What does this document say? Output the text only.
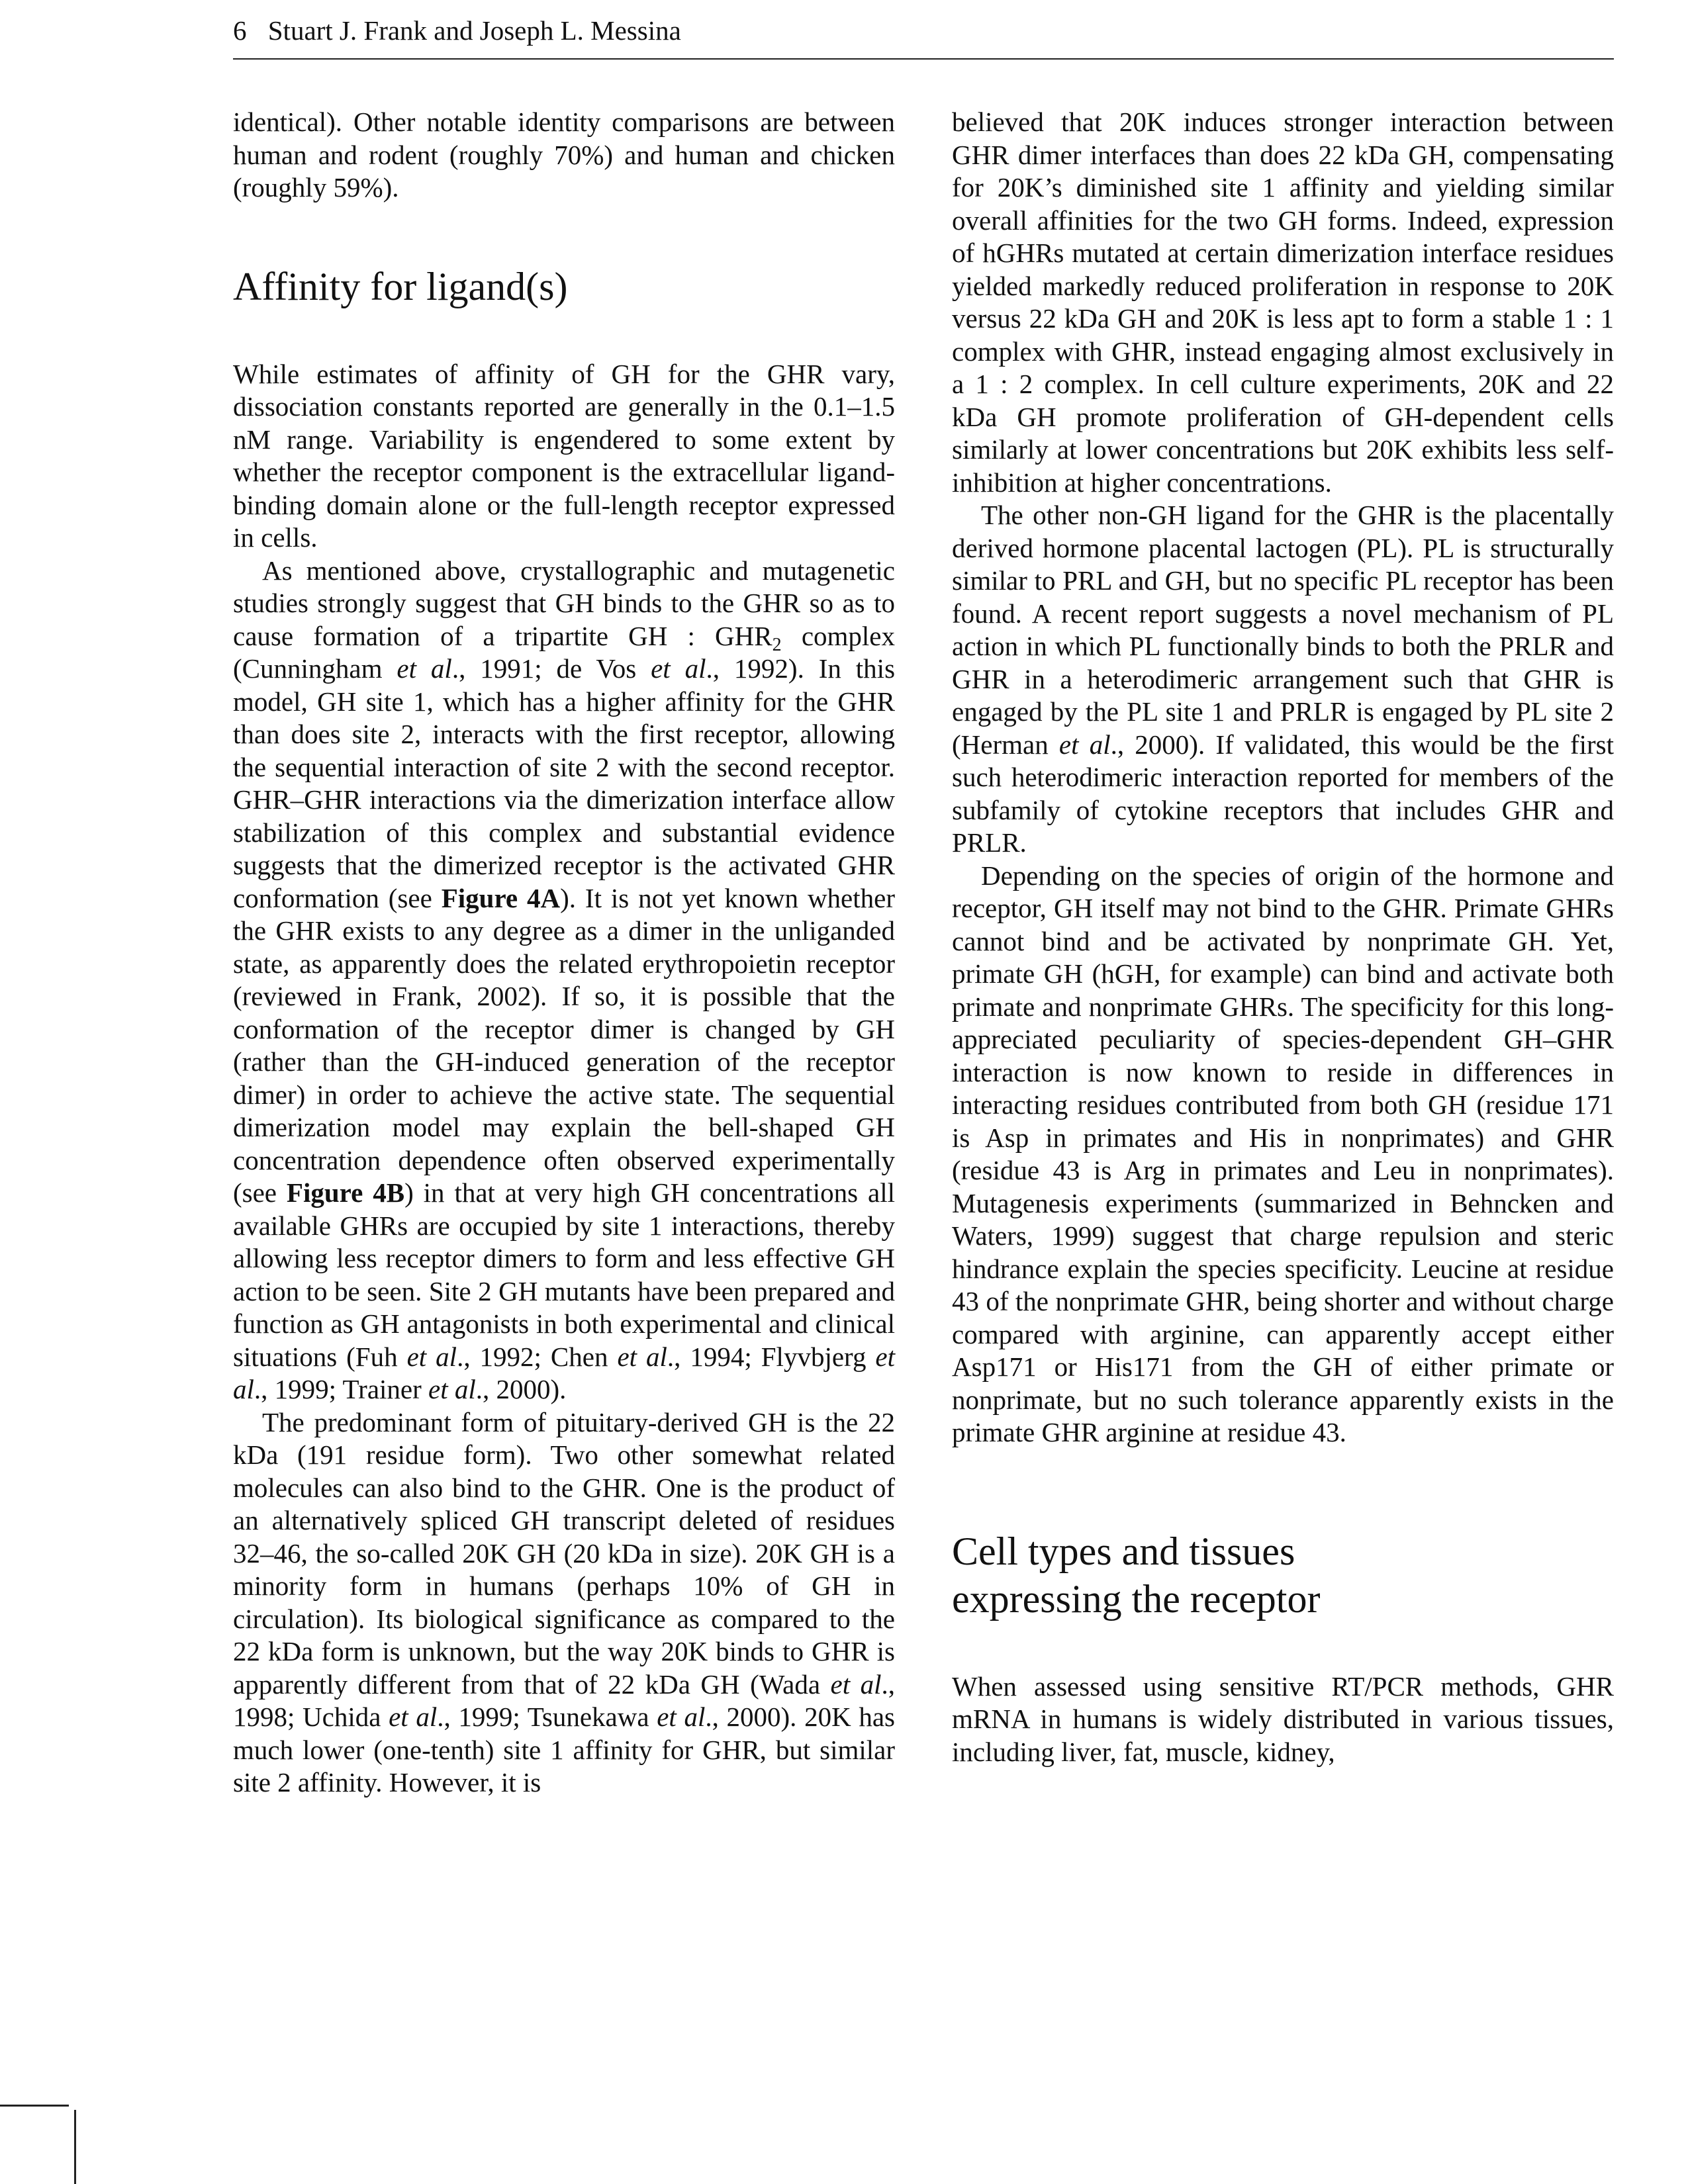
6 Stuart J. Frank and Joseph L. Messina

identical). Other notable identity comparisons are between human and rodent (roughly 70%) and human and chicken (roughly 59%).

Affinity for ligand(s)

While estimates of affinity of GH for the GHR vary, dissociation constants reported are generally in the 0.1–1.5 nM range. Variability is engendered to some extent by whether the receptor component is the extracellular ligand-binding domain alone or the full-length receptor expressed in cells.

As mentioned above, crystallographic and mutagenetic studies strongly suggest that GH binds to the GHR so as to cause formation of a tripartite GH : $GHR_2$ complex (Cunningham et al., 1991; de Vos et al., 1992). In this model, GH site 1, which has a higher affinity for the GHR than does site 2, interacts with the first receptor, allowing the sequential interaction of site 2 with the second receptor. GHR–GHR interactions via the dimerization interface allow stabilization of this complex and substantial evidence suggests that the dimerized receptor is the activated GHR conformation (see Figure 4A). It is not yet known whether the GHR exists to any degree as a dimer in the unliganded state, as apparently does the related erythropoietin receptor (reviewed in Frank, 2002). If so, it is possible that the conformation of the receptor dimer is changed by GH (rather than the GH-induced generation of the receptor dimer) in order to achieve the active state. The sequential dimerization model may explain the bell-shaped GH concentration dependence often observed experimentally (see Figure 4B) in that at very high GH concentrations all available GHRs are occupied by site 1 interactions, thereby allowing less receptor dimers to form and less effective GH action to be seen. Site 2 GH mutants have been prepared and function as GH antagonists in both experimental and clinical situations (Fuh et al., 1992; Chen et al., 1994; Flyvbjerg et al., 1999; Trainer et al., 2000).

The predominant form of pituitary-derived GH is the 22 kDa (191 residue form). Two other somewhat related molecules can also bind to the GHR. One is the product of an alternatively spliced GH transcript deleted of residues 32–46, the so-called 20K GH (20 kDa in size). 20K GH is a minority form in humans (perhaps 10% of GH in circulation). Its biological significance as compared to the 22 kDa form is unknown, but the way 20K binds to GHR is apparently different from that of 22 kDa GH (Wada et al., 1998; Uchida et al., 1999; Tsunekawa et al., 2000). 20K has much lower (one-tenth) site 1 affinity for GHR, but similar site 2 affinity. However, it is

believed that 20K induces stronger interaction between GHR dimer interfaces than does 22 kDa GH, compensating for 20K’s diminished site 1 affinity and yielding similar overall affinities for the two GH forms. Indeed, expression of hGHRs mutated at certain dimerization interface residues yielded markedly reduced proliferation in response to 20K versus 22 kDa GH and 20K is less apt to form a stable 1 : 1 complex with GHR, instead engaging almost exclusively in a 1 : 2 complex. In cell culture experiments, 20K and 22 kDa GH promote proliferation of GH-dependent cells similarly at lower concentrations but 20K exhibits less self-inhibition at higher concentrations.

The other non-GH ligand for the GHR is the placentally derived hormone placental lactogen (PL). PL is structurally similar to PRL and GH, but no specific PL receptor has been found. A recent report suggests a novel mechanism of PL action in which PL functionally binds to both the PRLR and GHR in a heterodimeric arrangement such that GHR is engaged by the PL site 1 and PRLR is engaged by PL site 2 (Herman et al., 2000). If validated, this would be the first such heterodimeric interaction reported for members of the subfamily of cytokine receptors that includes GHR and PRLR.

Depending on the species of origin of the hormone and receptor, GH itself may not bind to the GHR. Primate GHRs cannot bind and be activated by nonprimate GH. Yet, primate GH (hGH, for example) can bind and activate both primate and nonprimate GHRs. The specificity for this long-appreciated peculiarity of species-dependent GH–GHR interaction is now known to reside in differences in interacting residues contributed from both GH (residue 171 is Asp in primates and His in nonprimates) and GHR (residue 43 is Arg in primates and Leu in nonprimates). Mutagenesis experiments (summarized in Behncken and Waters, 1999) suggest that charge repulsion and steric hindrance explain the species specificity. Leucine at residue 43 of the nonprimate GHR, being shorter and without charge compared with arginine, can apparently accept either Asp171 or His171 from the GH of either primate or nonprimate, but no such tolerance apparently exists in the primate GHR arginine at residue 43.

Cell types and tissues
expressing the receptor

When assessed using sensitive RT/PCR methods, GHR mRNA in humans is widely distributed in various tissues, including liver, fat, muscle, kidney,
